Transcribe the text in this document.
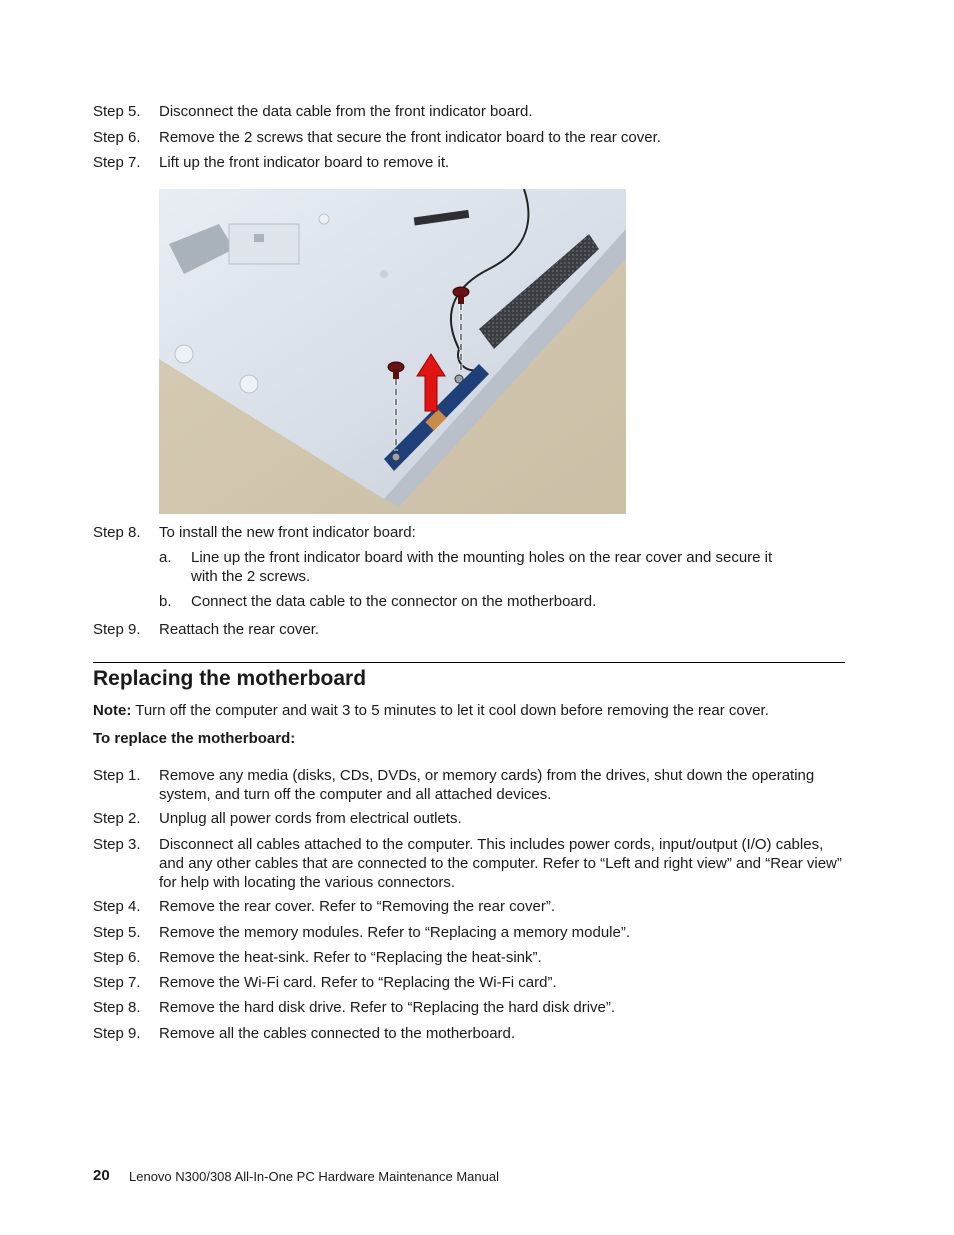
Step 5.	Disconnect the data cable from the front indicator board.
Step 6.	Remove the 2 screws that secure the front indicator board to the rear cover.
Step 7.	Lift up the front indicator board to remove it.
Step 8.	To install the new front indicator board:
a. Line up the front indicator board with the mounting holes on the rear cover and secure it with the 2 screws.
b. Connect the data cable to the connector on the motherboard.
Step 9.	Reattach the rear cover.
Replacing the motherboard
Note: Turn off the computer and wait 3 to 5 minutes to let it cool down before removing the rear cover.
To replace the motherboard:
Step 1.	Remove any media (disks, CDs, DVDs, or memory cards) from the drives, shut down the operating system, and turn off the computer and all attached devices.
Step 2.	Unplug all power cords from electrical outlets.
Step 3.	Disconnect all cables attached to the computer. This includes power cords, input/output (I/O) cables, and any other cables that are connected to the computer. Refer to “Left and right view” and “Rear view” for help with locating the various connectors.
Step 4.	Remove the rear cover. Refer to “Removing the rear cover”.
Step 5.	Remove the memory modules. Refer to “Replacing a memory module”.
Step 6.	Remove the heat-sink. Refer to “Replacing the heat-sink”.
Step 7.	Remove the Wi-Fi card. Refer to “Replacing the Wi-Fi card”.
Step 8.	Remove the hard disk drive. Refer to “Replacing the hard disk drive”.
Step 9.	Remove all the cables connected to the motherboard.
20 Lenovo N300/308 All-In-One PC Hardware Maintenance Manual
